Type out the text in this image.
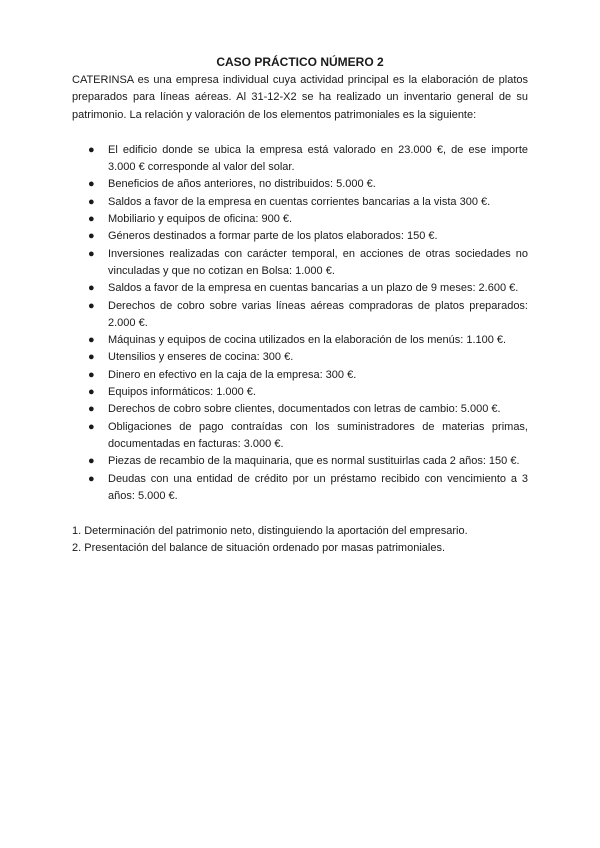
CASO PRÁCTICO NÚMERO 2

CATERINSA es una empresa individual cuya actividad principal es la elaboración de platos preparados para líneas aéreas. Al 31-12-X2 se ha realizado un inventario general de su patrimonio. La relación y valoración de los elementos patrimoniales es la siguiente:

● El edificio donde se ubica la empresa está valorado en 23.000 €, de ese importe 3.000 € corresponde al valor del solar.
● Beneficios de años anteriores, no distribuidos: 5.000 €.
● Saldos a favor de la empresa en cuentas corrientes bancarias a la vista 300 €.
● Mobiliario y equipos de oficina: 900 €.
● Géneros destinados a formar parte de los platos elaborados: 150 €.
● Inversiones realizadas con carácter temporal, en acciones de otras sociedades no vinculadas y que no cotizan en Bolsa: 1.000 €.
● Saldos a favor de la empresa en cuentas bancarias a un plazo de 9 meses: 2.600 €.
● Derechos de cobro sobre varias líneas aéreas compradoras de platos preparados: 2.000 €.
● Máquinas y equipos de cocina utilizados en la elaboración de los menús: 1.100 €.
● Utensilios y enseres de cocina: 300 €.
● Dinero en efectivo en la caja de la empresa: 300 €.
● Equipos informáticos: 1.000 €.
● Derechos de cobro sobre clientes, documentados con letras de cambio: 5.000 €.
● Obligaciones de pago contraídas con los suministradores de materias primas, documentadas en facturas: 3.000 €.
● Piezas de recambio de la maquinaria, que es normal sustituirlas cada 2 años: 150 €.
● Deudas con una entidad de crédito por un préstamo recibido con vencimiento a 3 años: 5.000 €.
1. Determinación del patrimonio neto, distinguiendo la aportación del empresario.
2. Presentación del balance de situación ordenado por masas patrimoniales.
